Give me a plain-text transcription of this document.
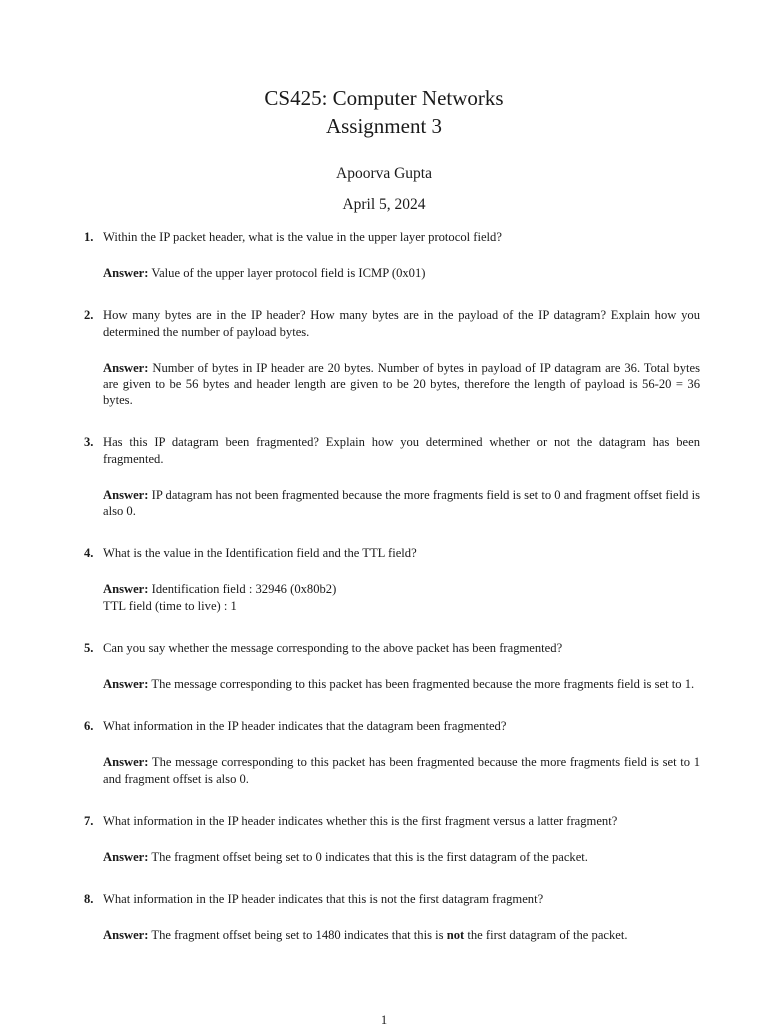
CS425: Computer Networks
Assignment 3
Apoorva Gupta
April 5, 2024
1. Within the IP packet header, what is the value in the upper layer protocol field?
Answer: Value of the upper layer protocol field is ICMP (0x01)
2. How many bytes are in the IP header? How many bytes are in the payload of the IP datagram? Explain how you determined the number of payload bytes.
Answer: Number of bytes in IP header are 20 bytes. Number of bytes in payload of IP datagram are 36. Total bytes are given to be 56 bytes and header length are given to be 20 bytes, therefore the length of payload is 56-20 = 36 bytes.
3. Has this IP datagram been fragmented? Explain how you determined whether or not the datagram has been fragmented.
Answer: IP datagram has not been fragmented because the more fragments field is set to 0 and fragment offset field is also 0.
4. What is the value in the Identification field and the TTL field?
Answer: Identification field : 32946 (0x80b2)
TTL field (time to live) : 1
5. Can you say whether the message corresponding to the above packet has been fragmented?
Answer: The message corresponding to this packet has been fragmented because the more fragments field is set to 1.
6. What information in the IP header indicates that the datagram been fragmented?
Answer: The message corresponding to this packet has been fragmented because the more fragments field is set to 1 and fragment offset is also 0.
7. What information in the IP header indicates whether this is the first fragment versus a latter fragment?
Answer: The fragment offset being set to 0 indicates that this is the first datagram of the packet.
8. What information in the IP header indicates that this is not the first datagram fragment?
Answer: The fragment offset being set to 1480 indicates that this is not the first datagram of the packet.
1
